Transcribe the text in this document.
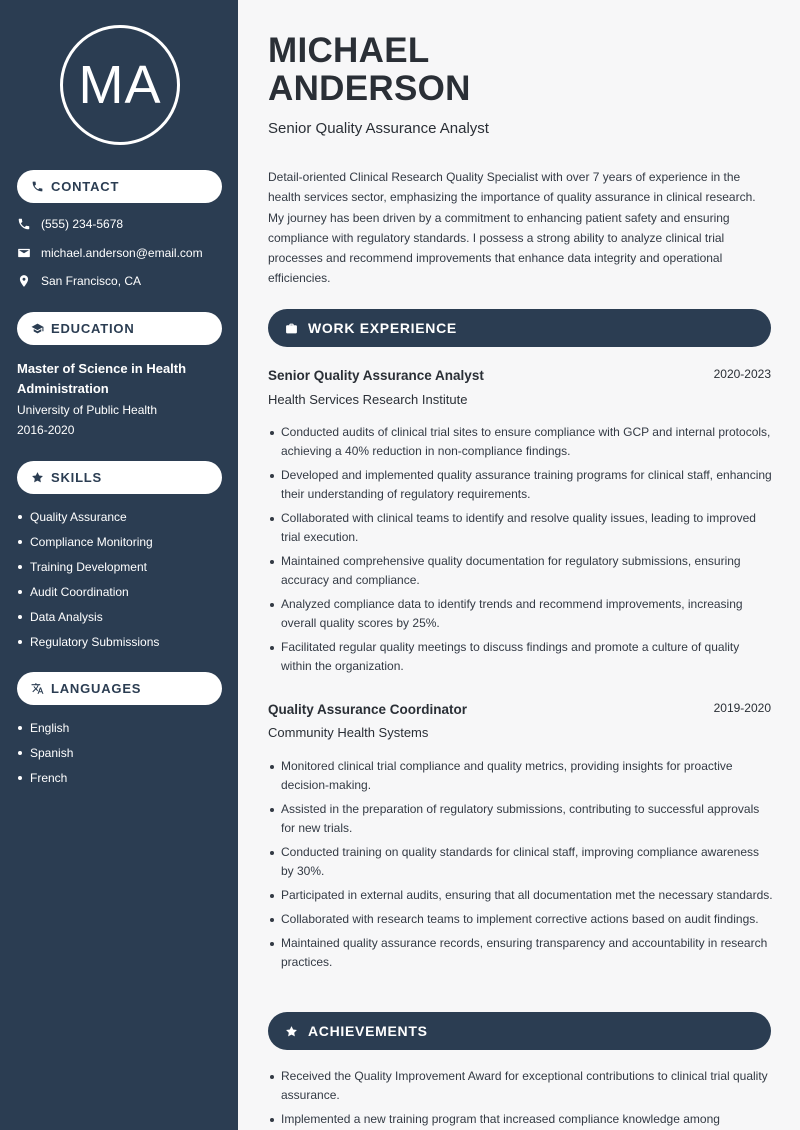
MA
CONTACT
(555) 234-5678
michael.anderson@email.com
San Francisco, CA
EDUCATION
Master of Science in Health Administration
University of Public Health
2016-2020
SKILLS
Quality Assurance
Compliance Monitoring
Training Development
Audit Coordination
Data Analysis
Regulatory Submissions
LANGUAGES
English
Spanish
French
MICHAEL
ANDERSON
Senior Quality Assurance Analyst

Detail-oriented Clinical Research Quality Specialist with over 7 years of experience in the health services sector, emphasizing the importance of quality assurance in clinical research. My journey has been driven by a commitment to enhancing patient safety and ensuring compliance with regulatory standards. I possess a strong ability to analyze clinical trial processes and recommend improvements that enhance data integrity and operational efficiencies.

WORK EXPERIENCE
Senior Quality Assurance Analyst	2020-2023
Health Services Research Institute
Conducted audits of clinical trial sites to ensure compliance with GCP and internal protocols, achieving a 40% reduction in non-compliance findings.
Developed and implemented quality assurance training programs for clinical staff, enhancing their understanding of regulatory requirements.
Collaborated with clinical teams to identify and resolve quality issues, leading to improved trial execution.
Maintained comprehensive quality documentation for regulatory submissions, ensuring accuracy and compliance.
Analyzed compliance data to identify trends and recommend improvements, increasing overall quality scores by 25%.
Facilitated regular quality meetings to discuss findings and promote a culture of quality within the organization.
Quality Assurance Coordinator	2019-2020
Community Health Systems
Monitored clinical trial compliance and quality metrics, providing insights for proactive decision-making.
Assisted in the preparation of regulatory submissions, contributing to successful approvals for new trials.
Conducted training on quality standards for clinical staff, improving compliance awareness by 30%.
Participated in external audits, ensuring that all documentation met the necessary standards.
Collaborated with research teams to implement corrective actions based on audit findings.
Maintained quality assurance records, ensuring transparency and accountability in research practices.
ACHIEVEMENTS
Received the Quality Improvement Award for exceptional contributions to clinical trial quality assurance.
Implemented a new training program that increased compliance knowledge among
